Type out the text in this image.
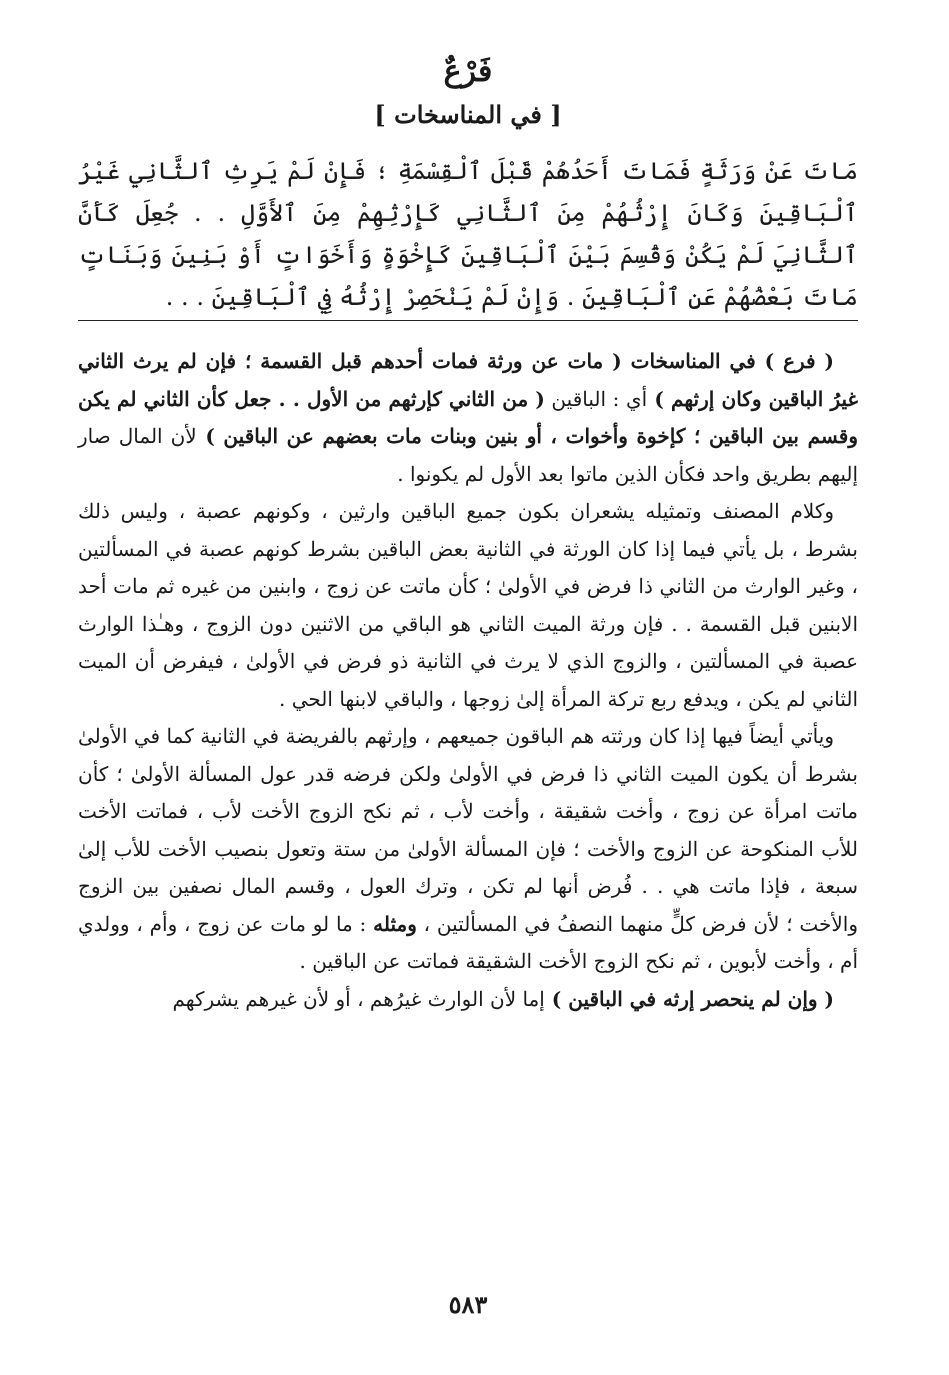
فَرْعٌ
[ في المناسخات ]

مَاتَ عَنْ وَرَثَةٍ فَمَاتَ أَحَدُهُمْ قَبْلَ ٱلْقِسْمَةِ ؛ فَإِنْ لَمْ يَرِثِ ٱلثَّانِي غَيْرُ ٱلْبَاقِينَ وَكَانَ إِرْثُهُمْ مِنَ ٱلثَّانِي كَإِرْثِهِمْ مِنَ ٱلأَوَّلِ . . جُعِلَ كَأَنَّ ٱلثَّانِيَ لَمْ يَكُنْ وَقُسِمَ بَيْنَ ٱلْبَاقِينَ كَإِخْوَةٍ وَأَخَوَاتٍ أَوْ بَنِينَ وَبَنَاتٍ مَاتَ بَعْضُهُمْ عَنِ ٱلْبَاقِينَ . وَإِنْ لَمْ يَنْحَصِرْ إِرْثُهُ فِي ٱلْبَاقِينَ . . .

( فرع ) في المناسخات ( مات عن ورثة فمات أحدهم قبل القسمة ؛ فإن لم يرث الثاني غيرُ الباقين وكان إرثهم ) أي : الباقين ( من الثاني كإرثهم من الأول . . جعل كأن الثاني لم يكن وقسم بين الباقين ؛ كإخوة وأخوات ، أو بنين وبنات مات بعضهم عن الباقين ) لأن المال صار إليهم بطريق واحد فكأن الذين ماتوا بعد الأول لم يكونوا .

وكلام المصنف وتمثيله يشعران بكون جميع الباقين وارثين ، وكونهم عصبة ، وليس ذلك بشرط ، بل يأتي فيما إذا كان الورثة في الثانية بعض الباقين بشرط كونهم عصبة في المسألتين ، وغير الوارث من الثاني ذا فرض في الأولىٰ ؛ كأن ماتت عن زوج ، وابنين من غيره ثم مات أحد الابنين قبل القسمة . . فإن ورثة الميت الثاني هو الباقي من الاثنين دون الزوج ، وهـٰذا الوارث عصبة في المسألتين ، والزوج الذي لا يرث في الثانية ذو فرض في الأولىٰ ، فيفرض أن الميت الثاني لم يكن ، ويدفع ربع تركة المرأة إلىٰ زوجها ، والباقي لابنها الحي .

ويأتي أيضاً فيها إذا كان ورثته هم الباقون جميعهم ، وإرثهم بالفريضة في الثانية كما في الأولىٰ بشرط أن يكون الميت الثاني ذا فرض في الأولىٰ ولكن فرضه قدر عول المسألة الأولىٰ ؛ كأن ماتت امرأة عن زوج ، وأخت شقيقة ، وأخت لأب ، ثم نكح الزوج الأخت لأب ، فماتت الأخت للأب المنكوحة عن الزوج والأخت ؛ فإن المسألة الأولىٰ من ستة وتعول بنصيب الأخت للأب إلىٰ سبعة ، فإذا ماتت هي . . فُرض أنها لم تكن ، وترك العول ، وقسم المال نصفين بين الزوج والأخت ؛ لأن فرض كلٍّ منهما النصفُ في المسألتين ، ومثله : ما لو مات عن زوج ، وأم ، وولدي أم ، وأخت لأبوين ، ثم نكح الزوج الأخت الشقيقة فماتت عن الباقين .

( وإن لم ينحصر إرثه في الباقين ) إما لأن الوارث غيرُهم ، أو لأن غيرهم يشركهم

٥٨٣
